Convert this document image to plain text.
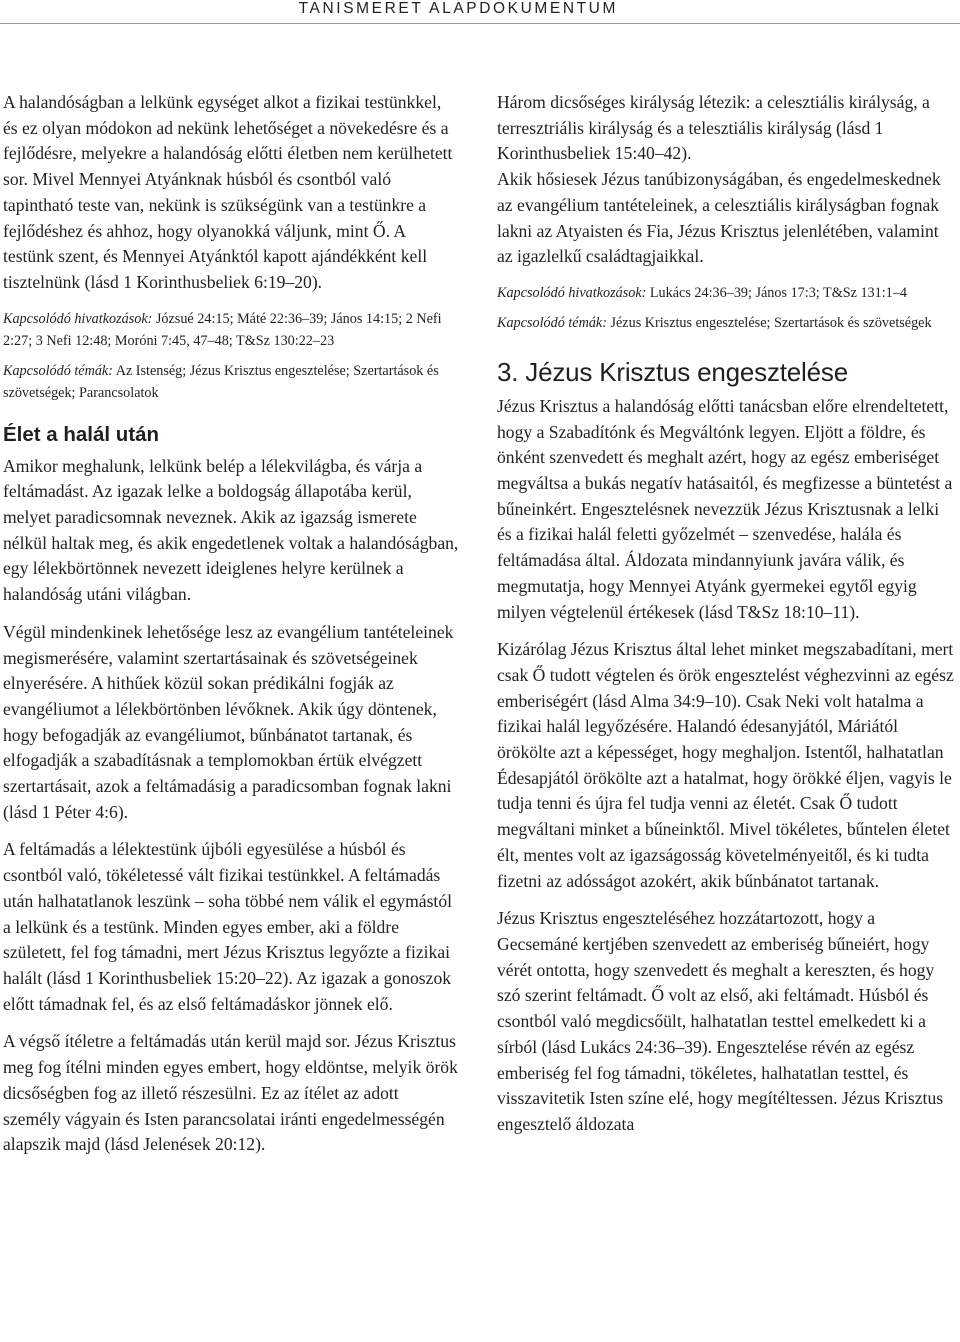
TANISMERET ALAPDOKUMENTUM

A halandóságban a lelkünk egységet alkot a fizikai testünkkel, és ez olyan módokon ad nekünk lehetőséget a növekedésre és a fejlődésre, melyekre a halandóság előtti életben nem kerülhetett sor. Mivel Mennyei Atyánknak húsból és csontból való tapintható teste van, nekünk is szükségünk van a testünkre a fejlődéshez és ahhoz, hogy olyanokká váljunk, mint Ő. A testünk szent, és Mennyei Atyánktól kapott ajándékként kell tisztelnünk (lásd 1 Korinthusbeliek 6:19–20).

Kapcsolódó hivatkozások: Józsué 24:15; Máté 22:36–39; János 14:15; 2 Nefi 2:27; 3 Nefi 12:48; Moróni 7:45, 47–48; T&Sz 130:22–23
Kapcsolódó témák: Az Istenség; Jézus Krisztus engesztelése; Szertartások és szövetségek; Parancsolatok
Élet a halál után

Amikor meghalunk, lelkünk belép a lélekvilágba, és várja a feltámadást. Az igazak lelke a boldogság állapotába kerül, melyet paradicsomnak neveznek. Akik az igazság ismerete nélkül haltak meg, és akik engedetlenek voltak a halandóságban, egy lélekbörtönnek nevezett ideiglenes helyre kerülnek a halandóság utáni világban.

Végül mindenkinek lehetősége lesz az evangélium tantételeinek megismerésére, valamint szertartásainak és szövetségeinek elnyerésére. A hithűek közül sokan prédikálni fogják az evangéliumot a lélekbörtönben lévőknek. Akik úgy döntenek, hogy befogadják az evangéliumot, bűnbánatot tartanak, és elfogadják a szabadításnak a templomokban értük elvégzett szertartásait, azok a feltámadásig a paradicsomban fognak lakni (lásd 1 Péter 4:6).

A feltámadás a lélektestünk újbóli egyesülése a húsból és csontból való, tökéletessé vált fizikai testünkkel. A feltámadás után halhatatlanok leszünk – soha többé nem válik el egymástól a lelkünk és a testünk. Minden egyes ember, aki a földre született, fel fog támadni, mert Jézus Krisztus legyőzte a fizikai halált (lásd 1 Korinthusbeliek 15:20–22). Az igazak a gonoszok előtt támadnak fel, és az első feltámadáskor jönnek elő.

A végső ítéletre a feltámadás után kerül majd sor. Jézus Krisztus meg fog ítélni minden egyes embert, hogy eldöntse, melyik örök dicsőségben fog az illető részesülni. Ez az ítélet az adott személy vágyain és Isten parancsolatai iránti engedelmességén alapszik majd (lásd Jelenések 20:12).

Három dicsőséges királyság létezik: a celesztiális királyság, a terresztriális királyság és a telesztiális királyság (lásd 1 Korinthusbeliek 15:40–42).

Akik hősiesek Jézus tanúbizonyságában, és engedelmeskednek az evangélium tantételeinek, a celesztiális királyságban fognak lakni az Atyaisten és Fia, Jézus Krisztus jelenlétében, valamint az igazlelkű családtagjaikkal.

Kapcsolódó hivatkozások: Lukács 24:36–39; János 17:3; T&Sz 131:1–4
Kapcsolódó témák: Jézus Krisztus engesztelése; Szertartások és szövetségek
3. Jézus Krisztus engesztelése

Jézus Krisztus a halandóság előtti tanácsban előre elrendeltetett, hogy a Szabadítónk és Megváltónk legyen. Eljött a földre, és önként szenvedett és meghalt azért, hogy az egész emberiséget megváltsa a bukás negatív hatásaitól, és megfizesse a büntetést a bűneinkért. Engesztelésnek nevezzük Jézus Krisztusnak a lelki és a fizikai halál feletti győzelmét – szenvedése, halála és feltámadása által. Áldozata mindannyiunk javára válik, és megmutatja, hogy Mennyei Atyánk gyermekei egytől egyig milyen végtelenül értékesek (lásd T&Sz 18:10–11).

Kizárólag Jézus Krisztus által lehet minket megszabadítani, mert csak Ő tudott végtelen és örök engesztelést véghezvinni az egész emberiségért (lásd Alma 34:9–10). Csak Neki volt hatalma a fizikai halál legyőzésére. Halandó édesanyjától, Máriától örökölte azt a képességet, hogy meghaljon. Istentől, halhatatlan Édesapjától örökölte azt a hatalmat, hogy örökké éljen, vagyis le tudja tenni és újra fel tudja venni az életét. Csak Ő tudott megváltani minket a bűneinktől. Mivel tökéletes, bűntelen életet élt, mentes volt az igazságosság követelményeitől, és ki tudta fizetni az adósságot azokért, akik bűnbánatot tartanak.

Jézus Krisztus engeszteléséhez hozzátartozott, hogy a Gecsemáné kertjében szenvedett az emberiség bűneiért, hogy vérét ontotta, hogy szenvedett és meghalt a kereszten, és hogy szó szerint feltámadt. Ő volt az első, aki feltámadt. Húsból és csontból való megdicsőült, halhatatlan testtel emelkedett ki a sírból (lásd Lukács 24:36–39). Engesztelése révén az egész emberiség fel fog támadni, tökéletes, halhatatlan testtel, és visszavitetik Isten színe elé, hogy megítéltessen. Jézus Krisztus engesztelő áldozata
